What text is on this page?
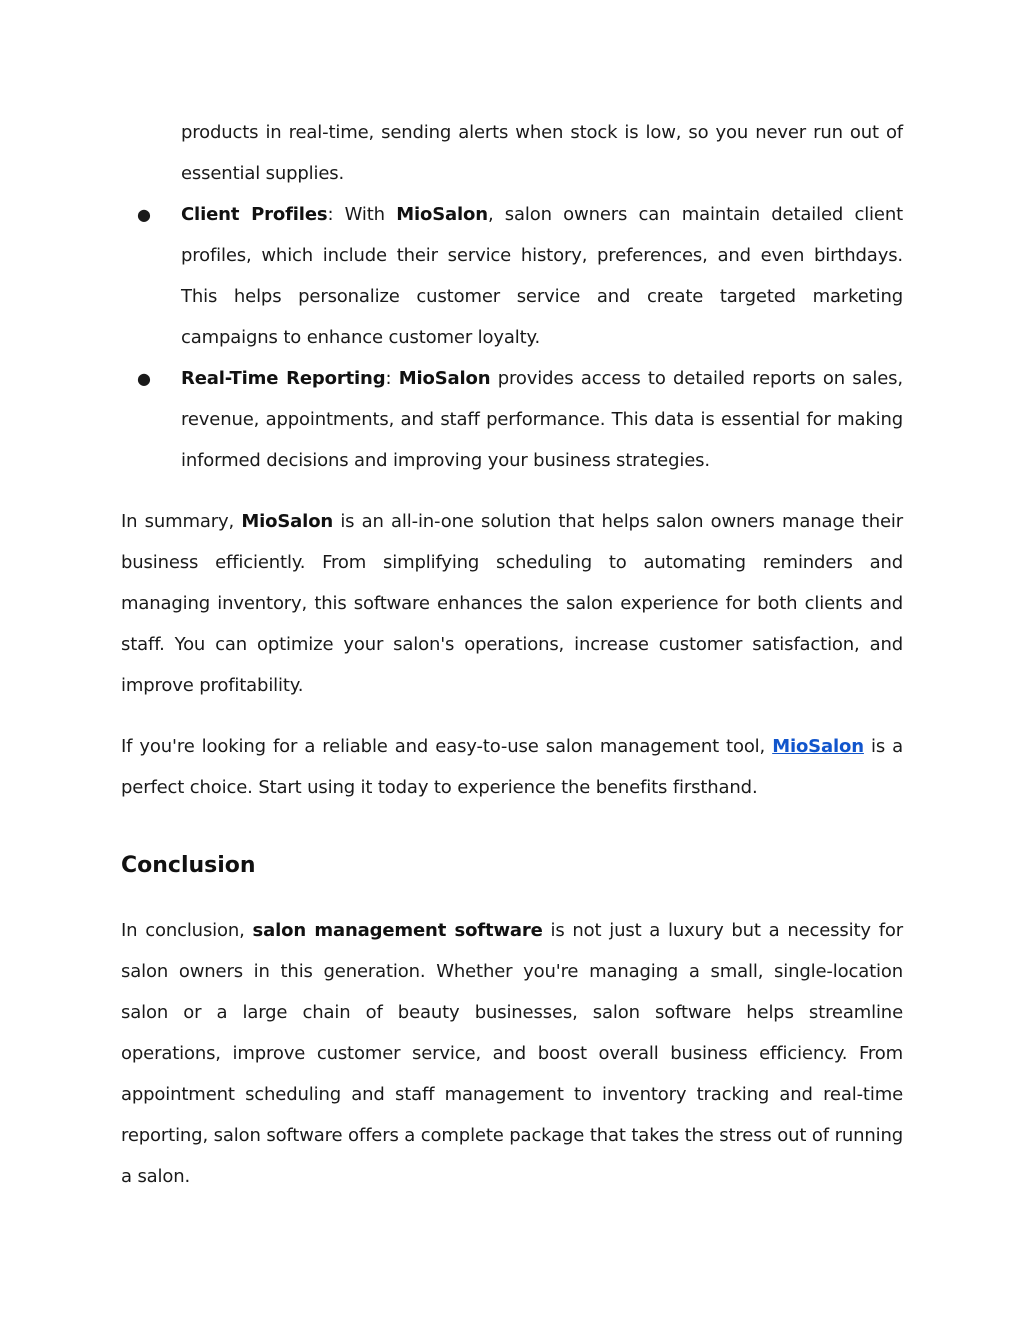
products in real-time, sending alerts when stock is low, so you never run out of essential supplies.
● Client Profiles: With MioSalon, salon owners can maintain detailed client profiles, which include their service history, preferences, and even birthdays. This helps personalize customer service and create targeted marketing campaigns to enhance customer loyalty.
● Real-Time Reporting: MioSalon provides access to detailed reports on sales, revenue, appointments, and staff performance. This data is essential for making informed decisions and improving your business strategies.

In summary, MioSalon is an all-in-one solution that helps salon owners manage their business efficiently. From simplifying scheduling to automating reminders and managing inventory, this software enhances the salon experience for both clients and staff. You can optimize your salon's operations, increase customer satisfaction, and improve profitability.

If you're looking for a reliable and easy-to-use salon management tool, MioSalon is a perfect choice. Start using it today to experience the benefits firsthand.

Conclusion

In conclusion, salon management software is not just a luxury but a necessity for salon owners in this generation. Whether you're managing a small, single-location salon or a large chain of beauty businesses, salon software helps streamline operations, improve customer service, and boost overall business efficiency. From appointment scheduling and staff management to inventory tracking and real-time reporting, salon software offers a complete package that takes the stress out of running a salon.
